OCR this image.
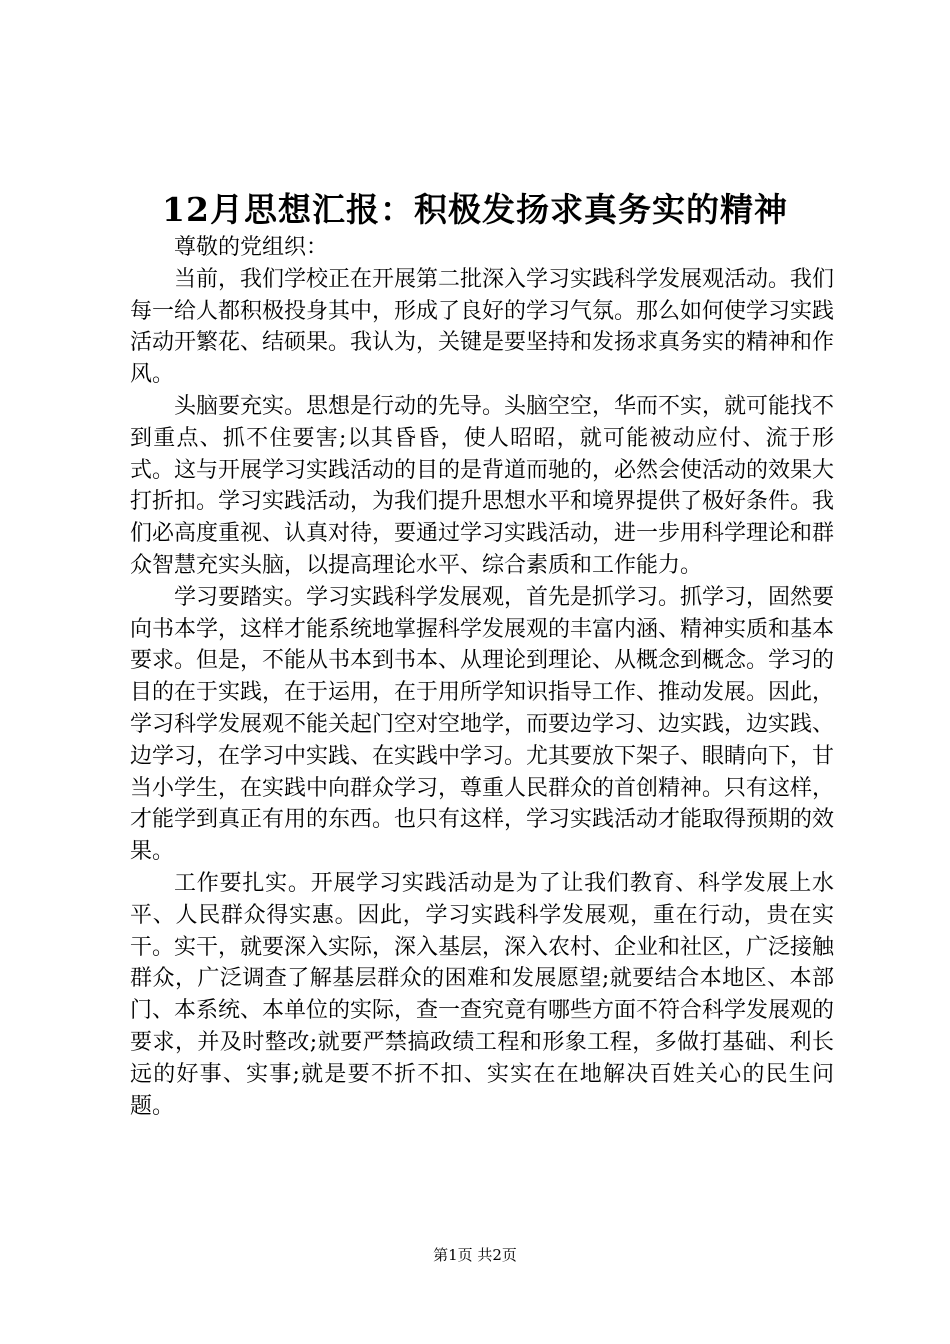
12月思想汇报：积极发扬求真务实的精神

尊敬的党组织：

当前，我们学校正在开展第二批深入学习实践科学发展观活动。我们每一给人都积极投身其中，形成了良好的学习气氛。那么如何使学习实践活动开繁花、结硕果。我认为，关键是要坚持和发扬求真务实的精神和作风。

头脑要充实。思想是行动的先导。头脑空空，华而不实，就可能找不到重点、抓不住要害;以其昏昏，使人昭昭，就可能被动应付、流于形式。这与开展学习实践活动的目的是背道而驰的，必然会使活动的效果大打折扣。学习实践活动，为我们提升思想水平和境界提供了极好条件。我们必高度重视、认真对待，要通过学习实践活动，进一步用科学理论和群众智慧充实头脑，以提高理论水平、综合素质和工作能力。

学习要踏实。学习实践科学发展观，首先是抓学习。抓学习，固然要向书本学，这样才能系统地掌握科学发展观的丰富内涵、精神实质和基本要求。但是，不能从书本到书本、从理论到理论、从概念到概念。学习的目的在于实践，在于运用，在于用所学知识指导工作、推动发展。因此，学习科学发展观不能关起门空对空地学，而要边学习、边实践，边实践、边学习，在学习中实践、在实践中学习。尤其要放下架子、眼睛向下，甘当小学生，在实践中向群众学习，尊重人民群众的首创精神。只有这样，才能学到真正有用的东西。也只有这样，学习实践活动才能取得预期的效果。

工作要扎实。开展学习实践活动是为了让我们教育、科学发展上水平、人民群众得实惠。因此，学习实践科学发展观，重在行动，贵在实干。实干，就要深入实际，深入基层，深入农村、企业和社区，广泛接触群众，广泛调查了解基层群众的困难和发展愿望;就要结合本地区、本部门、本系统、本单位的实际，查一查究竟有哪些方面不符合科学发展观的要求，并及时整改;就要严禁搞政绩工程和形象工程，多做打基础、利长远的好事、实事;就是要不折不扣、实实在在地解决百姓关心的民生问题。

第1页 共2页
